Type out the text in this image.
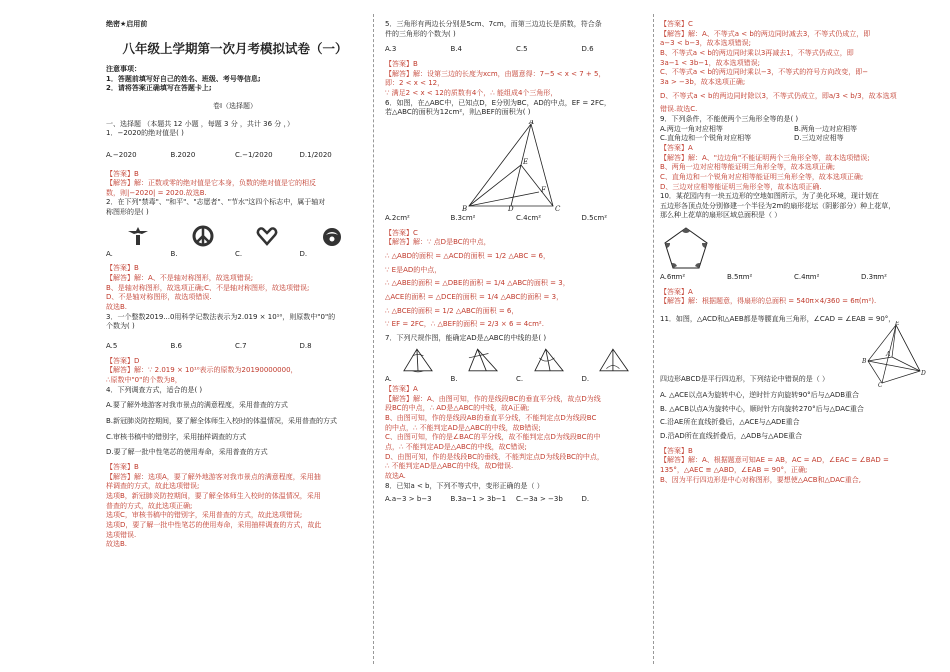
绝密★启用前

八年级上学期第一次月考模拟试卷（一）

注意事项：

1．答题前填写好自己的姓名、班级、考号等信息;

2．请将答案正确填写在答题卡上;

卷Ⅰ（选择题）

一、选择题 （本题共 12 小题 ，每题 3 分 ，共计 36 分 ，）

1．−2020的绝对值是( )

A.−2020	B.2020	C.−1/2020	D.1/2020

【答案】B

【解答】解：正数或零的绝对值是它本身，负数的绝对值是它的相反

数，则|−2020| = 2020.故选B.

2．在下列"禁毒"、"和平"、"志愿者"、"节水"这四个标志中，属于轴对

称图形的是( )

A.	B.	C.	D.

【答案】B

【解答】解：A、不是轴对称图形，故选项错误;

B、是轴对称图形，故选项正确;C、不是轴对称图形，故选项错误;

D、不是轴对称图形，故选项错误.

故选B.

3．一个整数2019...0用科学记数法表示为2.019 × 10¹⁰，则原数中"0"的

个数为( )

A.5	B.6	C.7	D.8

【答案】D

【解答】解：∵ 2.019 × 10¹⁰表示的原数为20190000000，

∴原数中"0"的个数为8，

4．下列调查方式，适合的是( )

A.要了解外地游客对我市景点的满意程度，采用普查的方式

B.新冠肺炎防控期间，要了解全体师生入校时的体温情况，采用普查的方式

C.审核书稿中的错别字，采用抽样调查的方式

D.要了解一批中性笔芯的使用寿命，采用普查的方式

【答案】B

【解答】解：选项A，要了解外地游客对我市景点的满意程度，采用抽

样调查的方式，故此选项错误;

选项B，新冠肺炎防控期间，要了解全体师生入校时的体温情况，采用

普查的方式，故此选项正确;

选项C，审核书稿中的错别字，采用普查的方式，故此选项错误;

选项D，要了解一批中性笔芯的使用寿命，采用抽样调查的方式，故此

选项错误.

故选B.

5．三角形有两边长分别是5cm、7cm，而第三边边长是质数，符合条

件的三角形的个数为( )

A.3	B.4	C.5	D.6

【答案】B

【解答】解：设第三边的长度为xcm，由题意得：7−5 < x < 7 + 5，

即：2 < x < 12，

∵ 满足2 < x < 12的质数有4个，∴ 能组成4个三角形，

6．如图，在△ABC中，已知点D，E分别为BC，AD的中点，EF = 2FC，

若△ABC的面积为12cm²，则△BEF的面积为( )

A
B	D	C
E
F
A.2cm²	B.3cm²	C.4cm²	D.5cm²

【答案】C

【解答】解：∵ 点D是BC的中点，

∴ △ABD的面积 = △ACD的面积 = 1/2 △ABC = 6，

∵ E是AD的中点，

∴ △ABE的面积 = △DBE的面积 = 1/4 △ABC的面积 = 3，

△ACE的面积 = △DCE的面积 = 1/4 △ABC的面积 = 3，

∴ △BCE的面积 = 1/2 △ABC的面积 = 6，

∵ EF = 2FC，∴ △BEF的面积 = 2/3 × 6 = 4cm².

7．下列尺规作图，能确定AD是△ABC的中线的是( )

A.	B.	C.	D.

【答案】A

【解答】解：A、由图可知，作的是线段BC的垂直平分线，故点D为线

段BC的中点，∴ AD是△ABC的中线，故A正确;

B、由图可知，作的是线段AB的垂直平分线，不能判定点D为线段BC

的中点，∴ 不能判定AD是△ABC的中线，故B错误;

C、由图可知，作的是∠BAC的平分线，故不能判定点D为线段BC的中

点，∴ 不能判定AD是△ABC的中线，故C错误;

D、由图可知，作的是线段BC的垂线，不能判定点D为线段BC的中点，

∴ 不能判定AD是△ABC的中线，故D错误.

故选A.

8．已知a < b，下列不等式中，变形正确的是（ ）

A.a−3 > b−3	B.3a−1 > 3b−1	C.−3a > −3b	D.

【答案】C

【解答】解：A、不等式a < b的两边同时减去3，不等式仍成立，即

a−3 < b−3，故本选项错误;

B、不等式a < b的两边同时乘以3再减去1，不等式仍成立，即

3a−1 < 3b−1，故本选项错误;

C、不等式a < b的两边同时乘以−3，不等式的符号方向改变，即−

3a > −3b，故本选项正确;

D、不等式a < b的两边同时除以3，不等式仍成立，即a/3 < b/3，故本选项

错误.故选C.

9．下列条件，不能使两个三角形全等的是( )

A.两边一角对应相等	B.两角一边对应相等
C.直角边和一个锐角对应相等	D.三边对应相等

【答案】A

【解答】解：A、"边边角"不能证明两个三角形全等，故本选项错误;

B、两角一边对应相等能证明三角形全等，故本选项正确;

C、直角边和一个锐角对应相等能证明三角形全等，故本选项正确;

D、三边对应相等能证明三角形全等，故本选项正确.

10．某花园内有一块五边形的空地如图所示，为了美化环境，现计划在

五边形各顶点处分别修建一个半径为2m的扇形花坛（阴影部分）种上花草，

那么种上花草的扇形区域总面积是（ ）

A.6πm²	B.5πm²	C.4πm²	D.3πm²

【答案】A

【解答】解：根据题意，得扇形的总面积 = 540π×4/360 = 6π(m²).

11．如图，△ACD和△AEB都是等腰直角三角形，∠CAD = ∠EAB = 90°，

E
B
C
D
A

四边形ABCD是平行四边形，下列结论中错误的是（ ）

A. △ACE以点A为旋转中心，逆时针方向旋转90°后与△ADB重合

B. △ACB以点A为旋转中心，顺时针方向旋转270°后与△DAC重合

C.沿AE所在直线折叠后，△ACE与△ADE重合

D.沿AD所在直线折叠后，△ADB与△ADE重合

【答案】B

【解答】解：A、根据题意可知AE = AB，AC = AD，∠EAC = ∠BAD =

135°，△AEC ≌ △ABD，∠EAB = 90°，正确;

B、因为平行四边形是中心对称图形，要想使△ACB和△DAC重合,
